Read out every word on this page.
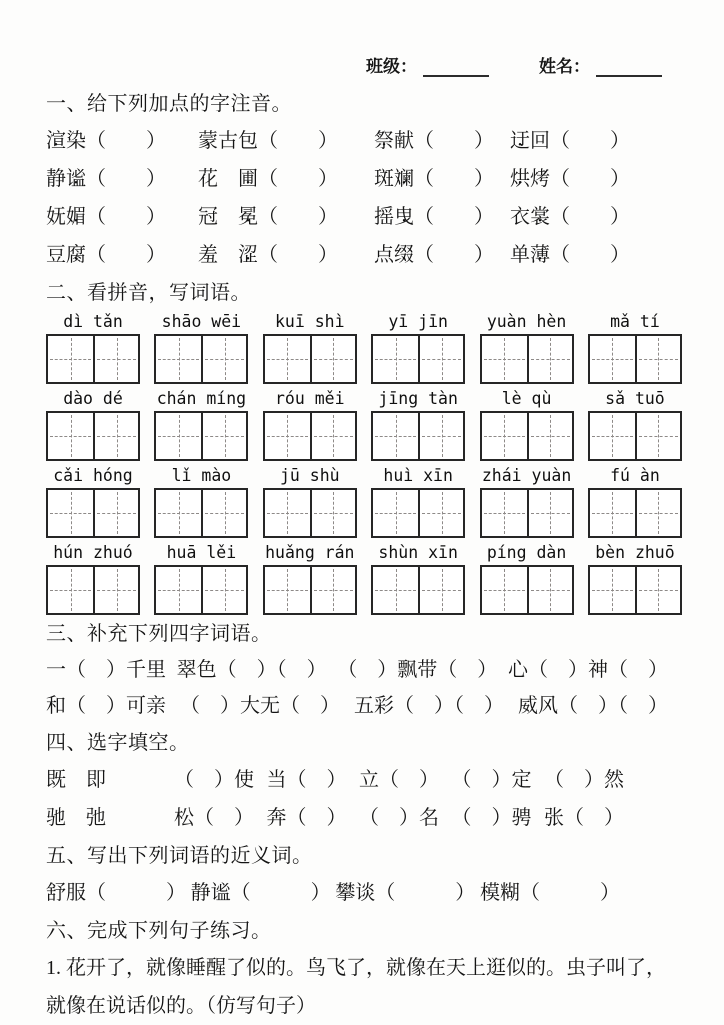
班级：	姓名：
一、给下列加点的字注音。
渲 •染（　　）	蒙 •古包（　　）	祭 •献（　　） 迂 •回（　　）
静谧 •（　　）	花　圃 •（　　）	斑斓 •（　　） 烘 •烤（　　）
妩媚 •（　　）	冠　冕 •（　　）	摇曳 •（　　） 衣裳 •（　　）
豆腐 •（　　）	羞　涩 •（　　）	点缀 •（　　） 单薄 •（　　）
二、看拼音，写词语。
dì tǎn	shāo wēi	kuī shì	yī jīn	yuàn hèn	mǎ tí
dào dé	chán míng	róu měi	jīng tàn	lè qù	sǎ tuō
cǎi hóng	lǐ mào	jū shù	huì xīn	zhái yuàn	fú àn
hún zhuó	huā lěi	huǎng rán	shùn xīn	píng dàn	bèn zhuō
三、补充下列四字词语。
一（　）千里 翠色（　）（　） （　）飘带（　） 心（　）神（　）
和（　）可亲 （　）大无（　） 五彩（　）（　） 威风（　）（　）
四、选字填空。
既　即	（　）使 当（　） 立（　） （　）定 （　）然
驰　弛	松（　） 奔（　） （　）名 （　）骋 张（　）
五、写出下列词语的近义词。
舒服（　　　） 静谧（　　　） 攀谈（　　　） 模糊（　　　）
六、完成下列句子练习。

1. 花开了，就像睡醒了似的。鸟飞了，就像在天上逛似的。虫子叫了，就像在说话似的。（仿写句子）
